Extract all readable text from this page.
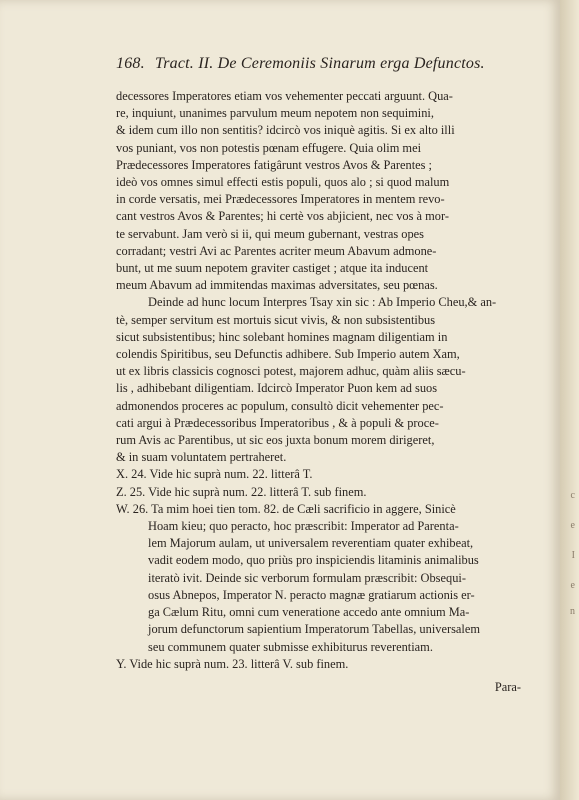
168. Tract. II. De Ceremoniis Sinarum erga Defunctos.
decessores Imperatores etiam vos vehementer peccati arguunt. Qua-
re, inquiunt, unanimes parvulum meum nepotem non sequimini,
& idem cum illo non sentitis? idcircò vos iniquè agitis. Si ex alto illi
vos puniant, vos non potestis pœnam effugere. Quia olim mei
Prædecessores Imperatores fatigârunt vestros Avos & Parentes ;
ideò vos omnes simul effecti estis populi, quos alo ; si quod malum
in corde versatis, mei Prædecessores Imperatores in mentem revo-
cant vestros Avos & Parentes; hi certè vos abjicient, nec vos à mor-
te servabunt. Jam verò si ii, qui meum gubernant, vestras opes
corradant; vestri Avi ac Parentes acriter meum Abavum admone-
bunt, ut me suum nepotem graviter castiget ; atque ita inducent
meum Abavum ad immitendas maximas adversitates, seu pœnas.
Deinde ad hunc locum Interpres Tsay xin sic : Ab Imperio Cheu,& an-
tè, semper servitum est mortuis sicut vivis, & non subsistentibus
sicut subsistentibus; hinc solebant homines magnam diligentiam in
colendis Spiritibus, seu Defunctis adhibere. Sub Imperio autem Xam,
ut ex libris classicis cognosci potest, majorem adhuc, quàm aliis sæcu-
lis , adhibebant diligentiam. Idcircò Imperator Puon kem ad suos
admonendos proceres ac populum, consultò dicit vehementer pec-
cati argui à Prædecessoribus Imperatoribus , & à populi & proce-
rum Avis ac Parentibus, ut sic eos juxta bonum morem dirigeret,
& in suam voluntatem pertraheret.
X. 24. Vide hic suprà num. 22. litterâ T.
Z. 25. Vide hic suprà num. 22. litterâ T. sub finem.
W. 26. Ta mim hoei tien tom. 82. de Cæli sacrificio in aggere, Sinicè
Hoam kieu; quo peracto, hoc præscribit: Imperator ad Parenta-
lem Majorum aulam, ut universalem reverentiam quater exhibeat,
vadit eodem modo, quo priùs pro inspiciendis litaminis animalibus
iteratò ivit. Deinde sic verborum formulam præscribit: Obsequi-
osus Abnepos, Imperator N. peracto magnæ gratiarum actionis er-
ga Cælum Ritu, omni cum veneratione accedo ante omnium Ma-
jorum defunctorum sapientium Imperatorum Tabellas, universalem
seu communem quater submisse exhibiturus reverentiam.
Y. Vide hic suprà num. 23. litterâ V. sub finem.
Para-
c
e
I
e
n
